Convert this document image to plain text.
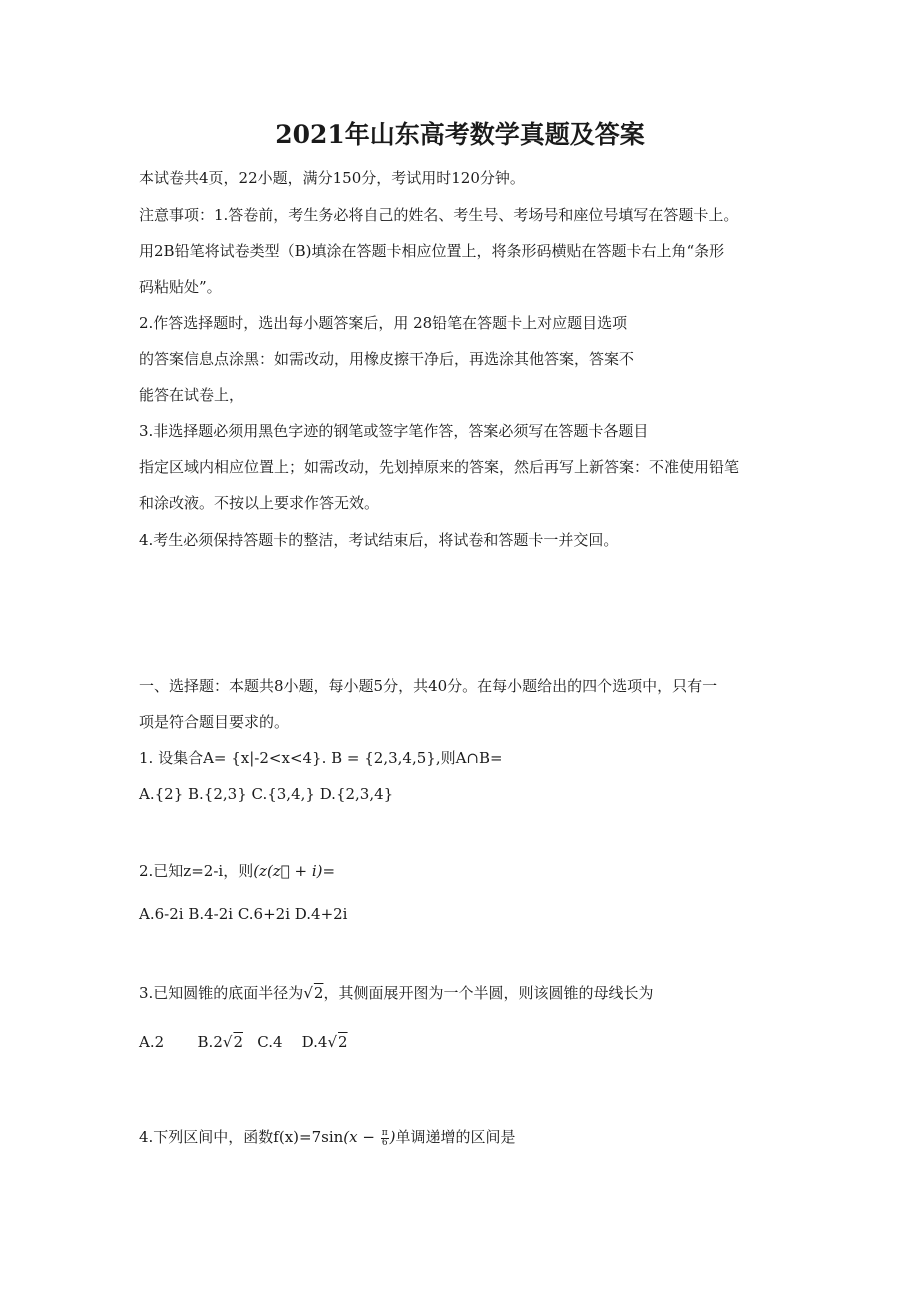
2021年山东高考数学真题及答案
本试卷共4页，22小题，满分150分，考试用时120分钟。
注意事项：1.答卷前，考生务必将自己的姓名、考生号、考场号和座位号填写在答题卡上。
用2B铅笔将试卷类型（B)填涂在答题卡相应位置上，将条形码横贴在答题卡右上角“条形
码粘贴处”。
2.作答选择题时，选出每小题答案后，用 28铅笔在答题卡上对应题目选项
的答案信息点涂黑：如需改动，用橡皮擦干净后，再选涂其他答案，答案不
能答在试卷上，
3.非选择题必须用黑色字迹的钢笔或签字笔作答，答案必须写在答题卡各题目
指定区域内相应位置上；如需改动，先划掉原来的答案，然后再写上新答案：不准使用铅笔
和涂改液。不按以上要求作答无效。
4.考生必须保持答题卡的整洁，考试结束后，将试卷和答题卡一并交回。
一、选择题：本题共8小题，每小题5分，共40分。在每小题给出的四个选项中，只有一
项是符合题目要求的。
1. 设集合A= {x|-2<x<4}. B = {2,3,4,5},则A∩B=
A.{2} B.{2,3} C.{3,4,} D.{2,3,4}
2.已知z=2-i，则(z(z⃗ + i)=
A.6-2i B.4-2i C.6+2i D.4+2i
3.已知圆锥的底面半径为√2，其侧面展开图为一个半圆，则该圆锥的母线长为
A.2       B.2√2   C.4    D.4√2
4.下列区间中，函数$f(x)=7\sin(x - \frac{\pi}{6}$ )单调递增的区间是
